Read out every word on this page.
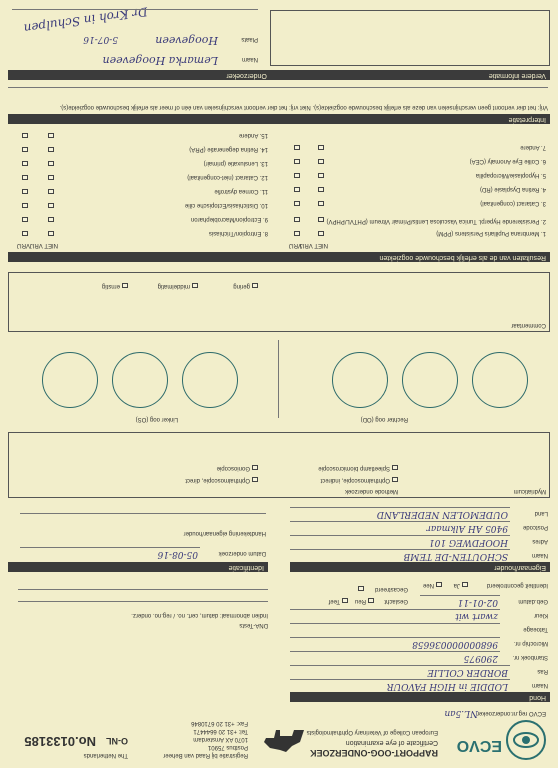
ECVO
RAPPORT-OOG-ONDERZOEK
Certificate of eye examination
European College of Veterinary Ophthalmologists
ECVO reg.nr.onderzoeker
NL.5an
Registratie bij Raad van Beheer
Postbus 75901
1070 AX Amsterdam
Tel: +31 20 6644471
Fax: +31 20 6710846
The Netherlands
O-NL
No.0133185
Hond
Naam
LODDIE in HIGH FAVOUR
Ras
BORDER COLLIE
Stamboek nr.
290975
Microchip nr.
968000000036658
Tatoeage
Kleur
zwart wit
Geb.datum
02-01-11
Geslacht
Reu
Teef
Gecastreerd
Identiteit gecontroleerd
Ja
Nee
Eigenaar/houder
Naam
SCHOUTEN-DE TEMB
Adres
HOOFDWEG 101
Postcode
9405 AH Alkmaar
Land
OUDEMOLEN NEDERLAND
DNA-Tests
Indien abnormaal: datum, cert. no. / reg.no. onderz.
Identificatie
Datum onderzoek
05-08-16
Handtekening eigenaar/houder
Mydriaticum
Methode onderzoek
Ophthalmoscopie, indirect
Spleetlamp biomicroscopie
Ophthalmoscopie, direct
Gonioscopie
Rechter oog (OD)
Linker oog (OS)
Commentaar
gering
middelmatig
ernstig
Resultaten van de als erfelijk beschouwde oogziekten
NIET VRIJ
VRIJ
NIET VRIJ
VRIJ
1. Membrana Pupillaris Persistens (PPM)
2. Persisterende Hyperpl. Tunica Vasculosa Lentis/Primair Vitreum (PHTVL/PHPV)
3. Cataract (congenitaal)
4. Retina Dysplasie (RD)
5. Hypoplasie/Micropapilla
6. Collie Eye Anomaly (CEA)
7. Andere
8. Entropion/Trichiasis
9. Ectropion/Macroblepharon
10. Distichiasis/Ectopische cilie
11. Cornea dystrofie
12. Cataract (niet-congenitaal)
13. Lensluxatie (primair)
14. Retina degeneratie (PRA)
15. Andere
Interpretatie
Vrij: het dier vertoont geen verschijnselen van deze als erfelijk beschouwde oogziekte(s). Niet vrij: het dier vertoont verschijnselen van één of meer als erfelijk beschouwde oogziekte(s).
Verdere informatie Onderzoeker
Naam
Lemarka Hoogeveen
Plaats
Hoogeveen
5-07-16
Dr Kroh in Schulpen
